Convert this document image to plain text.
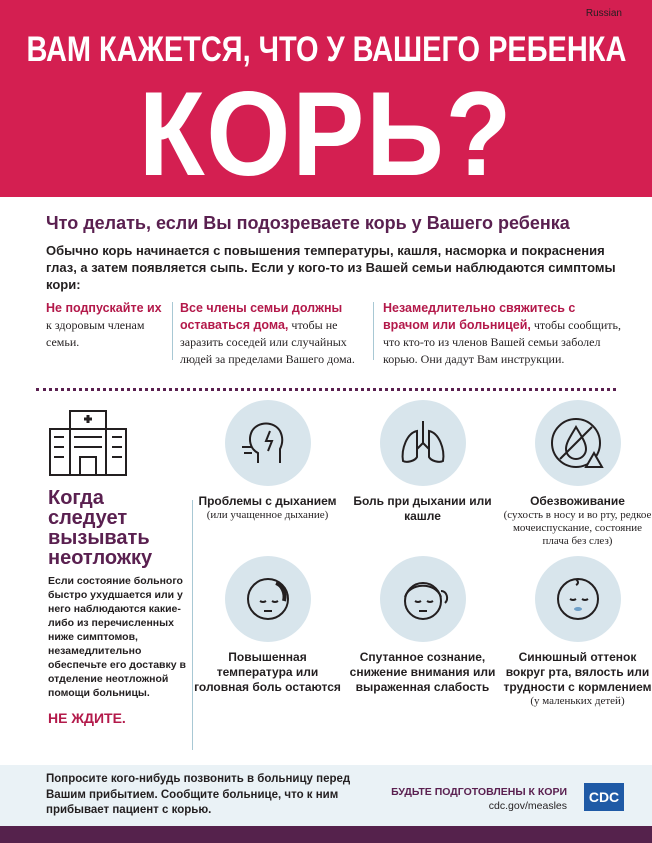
Russian
ВАМ КАЖЕТСЯ, ЧТО У ВАШЕГО РЕБЕНКА
КОРЬ?
Что делать, если Вы подозреваете корь у Вашего ребенка
Обычно корь начинается с повышения температуры, кашля, насморка и покраснения глаз, а затем появляется сыпь. Если у кого-то из Вашей семьи наблюдаются симптомы кори:
Не подпускайте их к здоровым членам семьи.
Все члены семьи должны оставаться дома, чтобы не заразить соседей или случайных людей за пределами Вашего дома.
Незамедлительно свяжитесь с врачом или больницей, чтобы сообщить, что кто-то из членов Вашей семьи заболел корью. Они дадут Вам инструкции.
Когда следует вызывать неотложку
Если состояние больного быстро ухудшается или у него наблюдаются какие-либо из перечисленных ниже симптомов, незамедлительно обеспечьте его доставку в отделение неотложной помощи больницы.
НЕ ЖДИТЕ.
Проблемы с дыханием
(или учащенное дыхание)
Боль при дыхании или кашле
Обезвоживание
(сухость в носу и во рту, редкое мочеиспускание, состояние плача без слез)
Повышенная температура или головная боль остаются
Спутанное сознание, снижение внимания или выраженная слабость
Синюшный оттенок вокруг рта, вялость или трудности с кормлением
(у маленьких детей)
Попросите кого-нибудь позвонить в больницу перед Вашим прибытием. Сообщите больнице, что к ним прибывает пациент с корью.
БУДЬТЕ ПОДГОТОВЛЕНЫ К КОРИ
cdc.gov/measles
CDC
